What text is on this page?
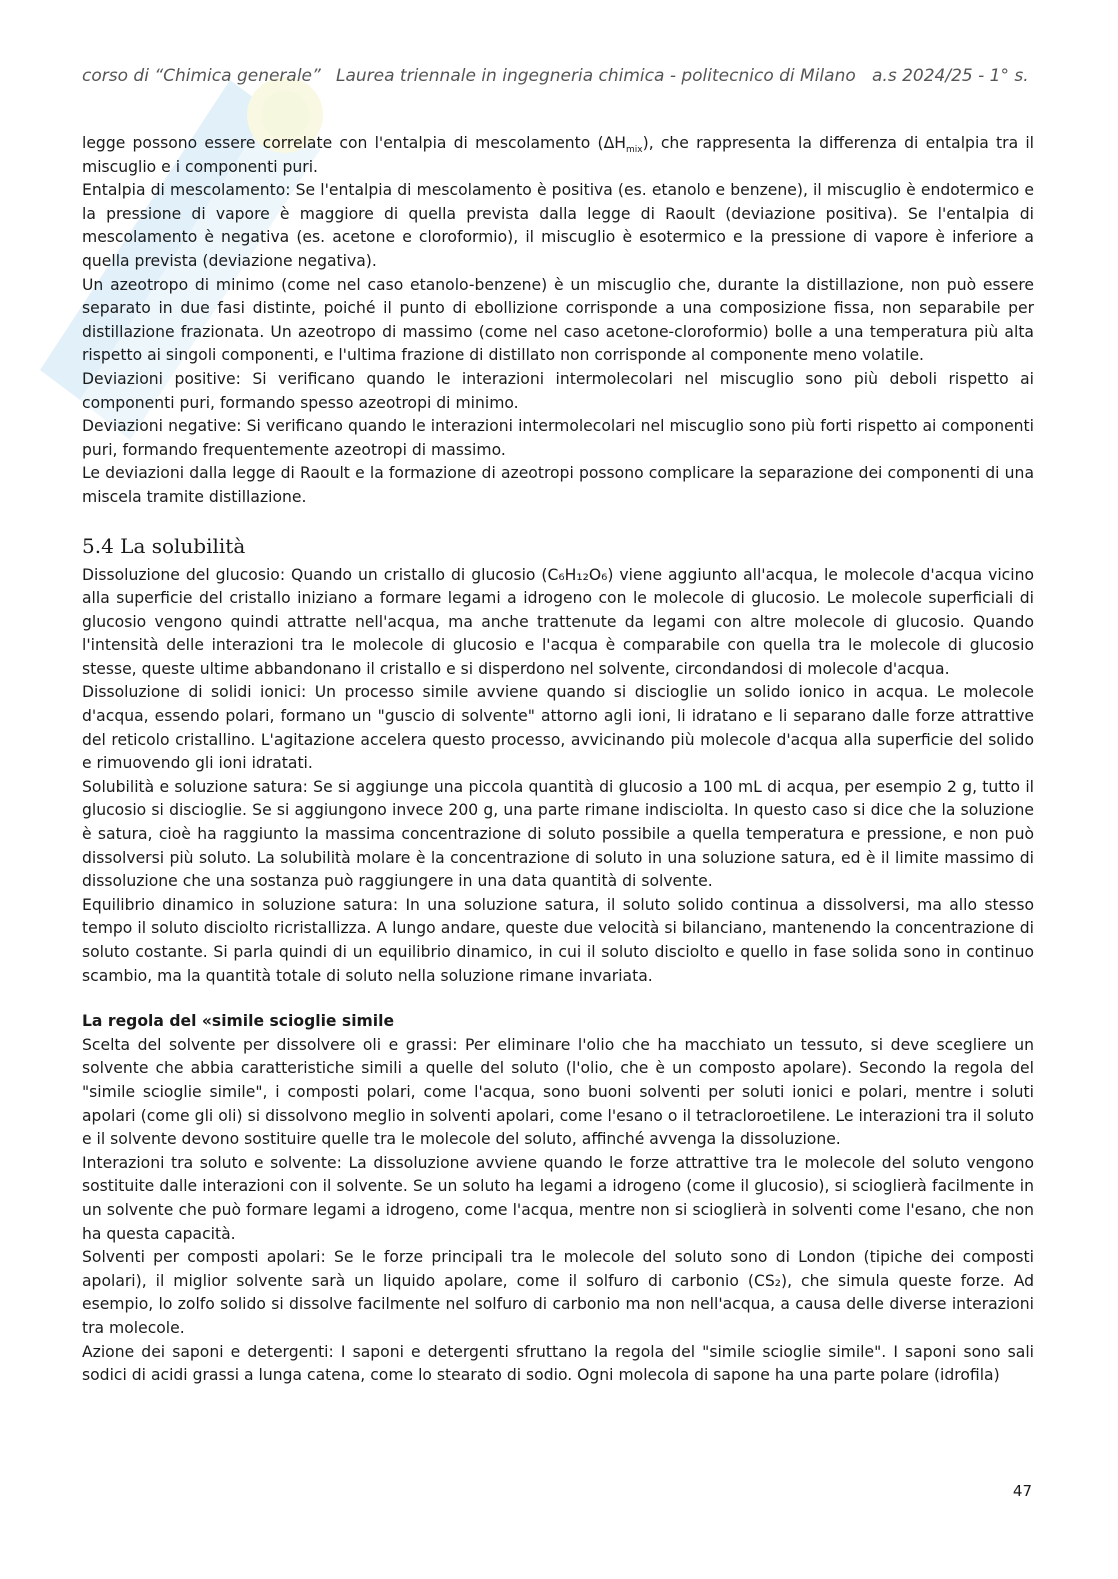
corso di “Chimica generale” Laurea triennale in ingegneria chimica - politecnico di Milano a.s 2024/25 - 1° s.

legge possono essere correlate con l'entalpia di mescolamento $(\Delta H_{mix})$, che rappresenta la differenza di entalpia tra il miscuglio e i componenti puri.

Entalpia di mescolamento: Se l'entalpia di mescolamento è positiva (es. etanolo e benzene), il miscuglio è endotermico e la pressione di vapore è maggiore di quella prevista dalla legge di Raoult (deviazione positiva). Se l'entalpia di mescolamento è negativa (es. acetone e cloroformio), il miscuglio è esotermico e la pressione di vapore è inferiore a quella prevista (deviazione negativa).

Un azeotropo di minimo (come nel caso etanolo-benzene) è un miscuglio che, durante la distillazione, non può essere separato in due fasi distinte, poiché il punto di ebollizione corrisponde a una composizione fissa, non separabile per distillazione frazionata. Un azeotropo di massimo (come nel caso acetone-cloroformio) bolle a una temperatura più alta rispetto ai singoli componenti, e l'ultima frazione di distillato non corrisponde al componente meno volatile.

Deviazioni positive: Si verificano quando le interazioni intermolecolari nel miscuglio sono più deboli rispetto ai componenti puri, formando spesso azeotropi di minimo.

Deviazioni negative: Si verificano quando le interazioni intermolecolari nel miscuglio sono più forti rispetto ai componenti puri, formando frequentemente azeotropi di massimo.

Le deviazioni dalla legge di Raoult e la formazione di azeotropi possono complicare la separazione dei componenti di una miscela tramite distillazione.

5.4 La solubilità

Dissoluzione del glucosio: Quando un cristallo di glucosio (C₆H₁₂O₆) viene aggiunto all'acqua, le molecole d'acqua vicino alla superficie del cristallo iniziano a formare legami a idrogeno con le molecole di glucosio. Le molecole superficiali di glucosio vengono quindi attratte nell'acqua, ma anche trattenute da legami con altre molecole di glucosio. Quando l'intensità delle interazioni tra le molecole di glucosio e l'acqua è comparabile con quella tra le molecole di glucosio stesse, queste ultime abbandonano il cristallo e si disperdono nel solvente, circondandosi di molecole d'acqua.

Dissoluzione di solidi ionici: Un processo simile avviene quando si discioglie un solido ionico in acqua. Le molecole d'acqua, essendo polari, formano un "guscio di solvente" attorno agli ioni, li idratano e li separano dalle forze attrattive del reticolo cristallino. L'agitazione accelera questo processo, avvicinando più molecole d'acqua alla superficie del solido e rimuovendo gli ioni idratati.

Solubilità e soluzione satura: Se si aggiunge una piccola quantità di glucosio a 100 mL di acqua, per esempio 2 g, tutto il glucosio si discioglie. Se si aggiungono invece 200 g, una parte rimane indisciolta. In questo caso si dice che la soluzione è satura, cioè ha raggiunto la massima concentrazione di soluto possibile a quella temperatura e pressione, e non può dissolversi più soluto. La solubilità molare è la concentrazione di soluto in una soluzione satura, ed è il limite massimo di dissoluzione che una sostanza può raggiungere in una data quantità di solvente.

Equilibrio dinamico in soluzione satura: In una soluzione satura, il soluto solido continua a dissolversi, ma allo stesso tempo il soluto disciolto ricristallizza. A lungo andare, queste due velocità si bilanciano, mantenendo la concentrazione di soluto costante. Si parla quindi di un equilibrio dinamico, in cui il soluto disciolto e quello in fase solida sono in continuo scambio, ma la quantità totale di soluto nella soluzione rimane invariata.

La regola del «simile scioglie simile

Scelta del solvente per dissolvere oli e grassi: Per eliminare l'olio che ha macchiato un tessuto, si deve scegliere un solvente che abbia caratteristiche simili a quelle del soluto (l'olio, che è un composto apolare). Secondo la regola del "simile scioglie simile", i composti polari, come l'acqua, sono buoni solventi per soluti ionici e polari, mentre i soluti apolari (come gli oli) si dissolvono meglio in solventi apolari, come l'esano o il tetracloroetilene. Le interazioni tra il soluto e il solvente devono sostituire quelle tra le molecole del soluto, affinché avvenga la dissoluzione.

Interazioni tra soluto e solvente: La dissoluzione avviene quando le forze attrattive tra le molecole del soluto vengono sostituite dalle interazioni con il solvente. Se un soluto ha legami a idrogeno (come il glucosio), si scioglierà facilmente in un solvente che può formare legami a idrogeno, come l'acqua, mentre non si scioglierà in solventi come l'esano, che non ha questa capacità.

Solventi per composti apolari: Se le forze principali tra le molecole del soluto sono di London (tipiche dei composti apolari), il miglior solvente sarà un liquido apolare, come il solfuro di carbonio (CS₂), che simula queste forze. Ad esempio, lo zolfo solido si dissolve facilmente nel solfuro di carbonio ma non nell'acqua, a causa delle diverse interazioni tra molecole.

Azione dei saponi e detergenti: I saponi e detergenti sfruttano la regola del "simile scioglie simile". I saponi sono sali sodici di acidi grassi a lunga catena, come lo stearato di sodio. Ogni molecola di sapone ha una parte polare (idrofila)

47
